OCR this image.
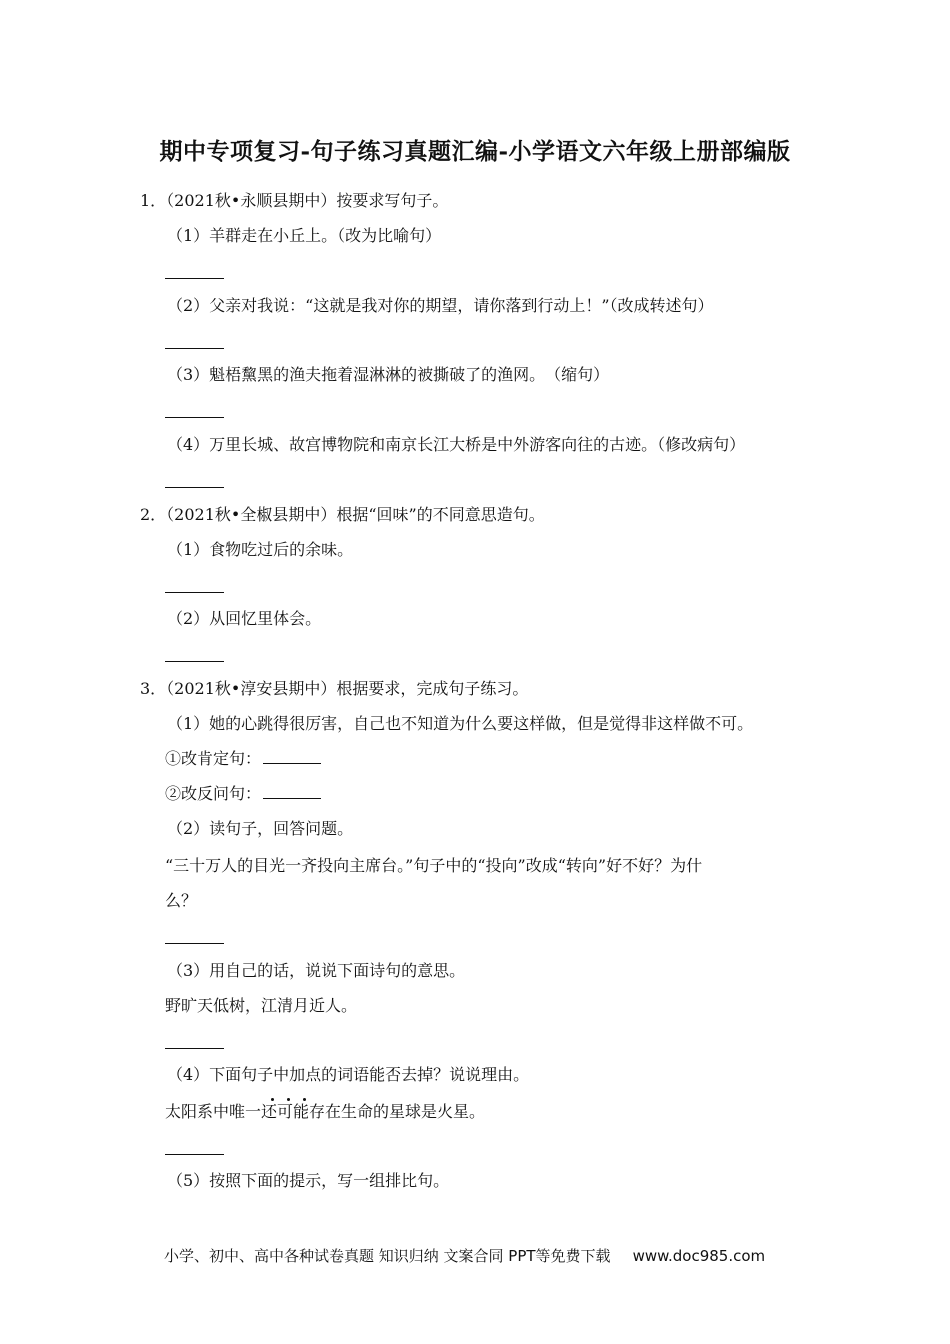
期中专项复习-句子练习真题汇编-小学语文六年级上册部编版
1．（2021秋•永顺县期中）按要求写句子。
（1）羊群走在小丘上。（改为比喻句）
（2）父亲对我说：“这就是我对你的期望，请你落到行动上！”（改成转述句）
（3）魁梧黧黑的渔夫拖着湿淋淋的被撕破了的渔网。　（缩句）
（4）万里长城、故宫博物院和南京长江大桥是中外游客向往的古迹。（修改病句）
2．（2021秋•全椒县期中）根据“回味”的不同意思造句。
（1）食物吃过后的余味。
（2）从回忆里体会。
3．（2021秋•淳安县期中）根据要求，完成句子练习。
（1）她的心跳得很厉害，自己也不知道为什么要这样做，但是觉得非这样做不可。
①改肯定句：
②改反问句：
（2）读句子，回答问题。
“三十万人的目光一齐投向主席台。”句子中的“投向”改成“转向”好不好？为什
么？
（3）用自己的话，说说下面诗句的意思。
野旷天低树，江清月近人。
（4）下面句子中加点的词语能否去掉？说说理由。
太阳系中唯一还可能存在生命的星球是火星。
（5）按照下面的提示，写一组排比句。
小学、初中、高中各种试卷真题 知识归纳 文案合同 PPT等免费下载 www.doc985.com
